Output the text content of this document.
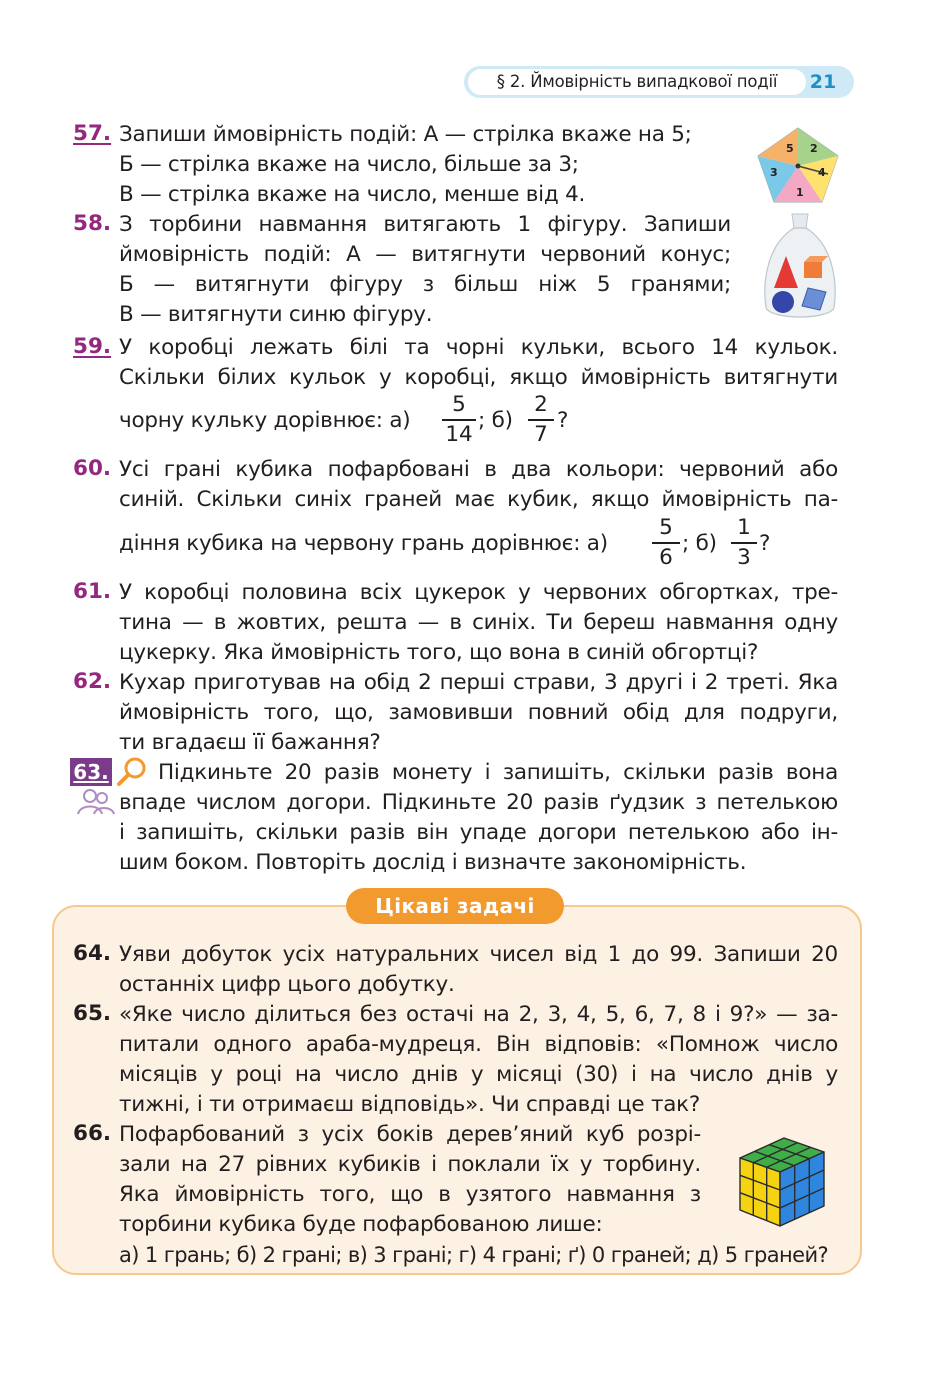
§ 2. Ймовірність випадкової події	21
57. Запиши ймовірність подій: А — стрілка вкаже на 5;
Б — стрілка вкаже на число, більше за 3;
В — стрілка вкаже на число, менше від 4.
5 2
4
1
3
58. З торбини навмання витягають 1 фігуру. Запиши
ймовірність подій: А — витягнути червоний конус;
Б — витягнути фігуру з більш ніж 5 гранями;
В — витягнути синю фігуру.
59. У коробці лежать білі та чорні кульки, всього 14 кульок.
Скільки білих кульок у коробці, якщо ймовірність витягнути
чорну кульку дорівнює: а)
5
14
; б)
2
7
?
60. Усі грані кубика пофарбовані в два кольори: червоний або
синій. Скільки синіх граней має кубик, якщо ймовірність па-
діння кубика на червону грань дорівнює: а)
5
6
; б)
1
3
?
61. У коробці половина всіх цукерок у червоних обгортках, тре-
тина — в жовтих, решта — в синіх. Ти береш навмання одну
цукерку. Яка ймовірність того, що вона в синій обгортці?
62. Кухар приготував на обід 2 перші страви, 3 другі і 2 треті. Яка
ймовірність того, що, замовивши повний обід для подруги,
ти вгадаєш її бажання?
63. Підкиньте 20 разів монету і запишіть, скільки разів вона
впаде числом догори. Підкиньте 20 разів ґудзик з петелькою
і запишіть, скільки разів він упаде догори петелькою або ін-
шим боком. Повторіть дослід і визначте закономірність.
Цікаві задачі
64. Уяви добуток усіх натуральних чисел від 1 до 99. Запиши 20
останніх цифр цього добутку.
65. «Яке число ділиться без остачі на 2, 3, 4, 5, 6, 7, 8 і 9?» — за-
питали одного араба-мудреця. Він відповів: «Помнож число
місяців у році на число днів у місяці (30) і на число днів у
тижні, і ти отримаєш відповідь». Чи справді це так?
66. Пофарбований з усіх боків дерев’яний куб розрі-
зали на 27 рівних кубиків і поклали їх у торбину.
Яка ймовірність того, що в узятого навмання з
торбини кубика буде пофарбованою лише:
а) 1 грань; б) 2 грані; в) 3 грані; г) 4 грані; ґ) 0 граней; д) 5 граней?
